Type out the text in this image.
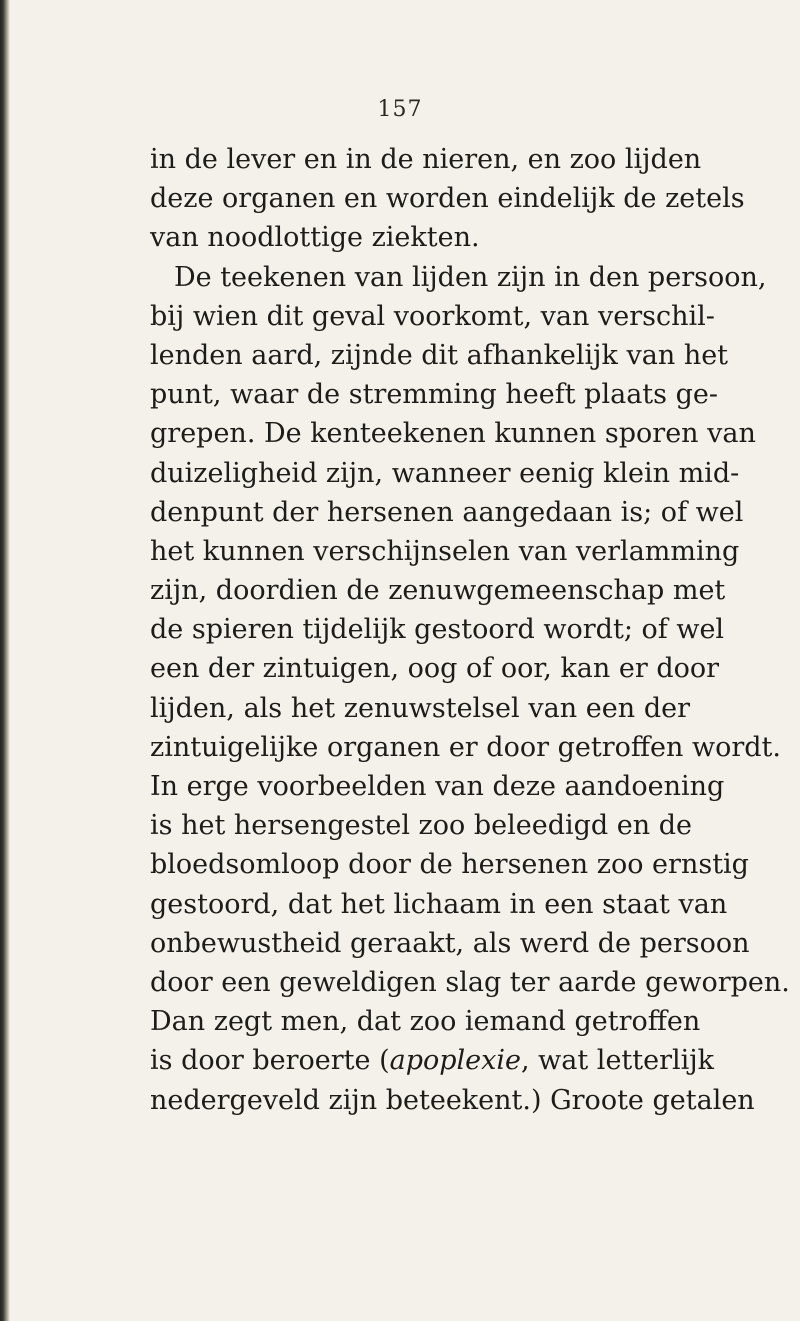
157
in de lever en in de nieren, en zoo lijden
deze organen en worden eindelijk de zetels
van noodlottige ziekten.
De teekenen van lijden zijn in den persoon,
bij wien dit geval voorkomt, van verschil-
lenden aard, zijnde dit afhankelijk van het
punt, waar de stremming heeft plaats ge-
grepen. De kenteekenen kunnen sporen van
duizeligheid zijn, wanneer eenig klein mid-
denpunt der hersenen aangedaan is; of wel
het kunnen verschijnselen van verlamming
zijn, doordien de zenuwgemeenschap met
de spieren tijdelijk gestoord wordt; of wel
een der zintuigen, oog of oor, kan er door
lijden, als het zenuwstelsel van een der
zintuigelijke organen er door getroffen wordt.
In erge voorbeelden van deze aandoening
is het hersengestel zoo beleedigd en de
bloedsomloop door de hersenen zoo ernstig
gestoord, dat het lichaam in een staat van
onbewustheid geraakt, als werd de persoon
door een geweldigen slag ter aarde geworpen.
Dan zegt men, dat zoo iemand getroffen
is door beroerte (apoplexie, wat letterlijk
nedergeveld zijn beteekent.) Groote getalen
